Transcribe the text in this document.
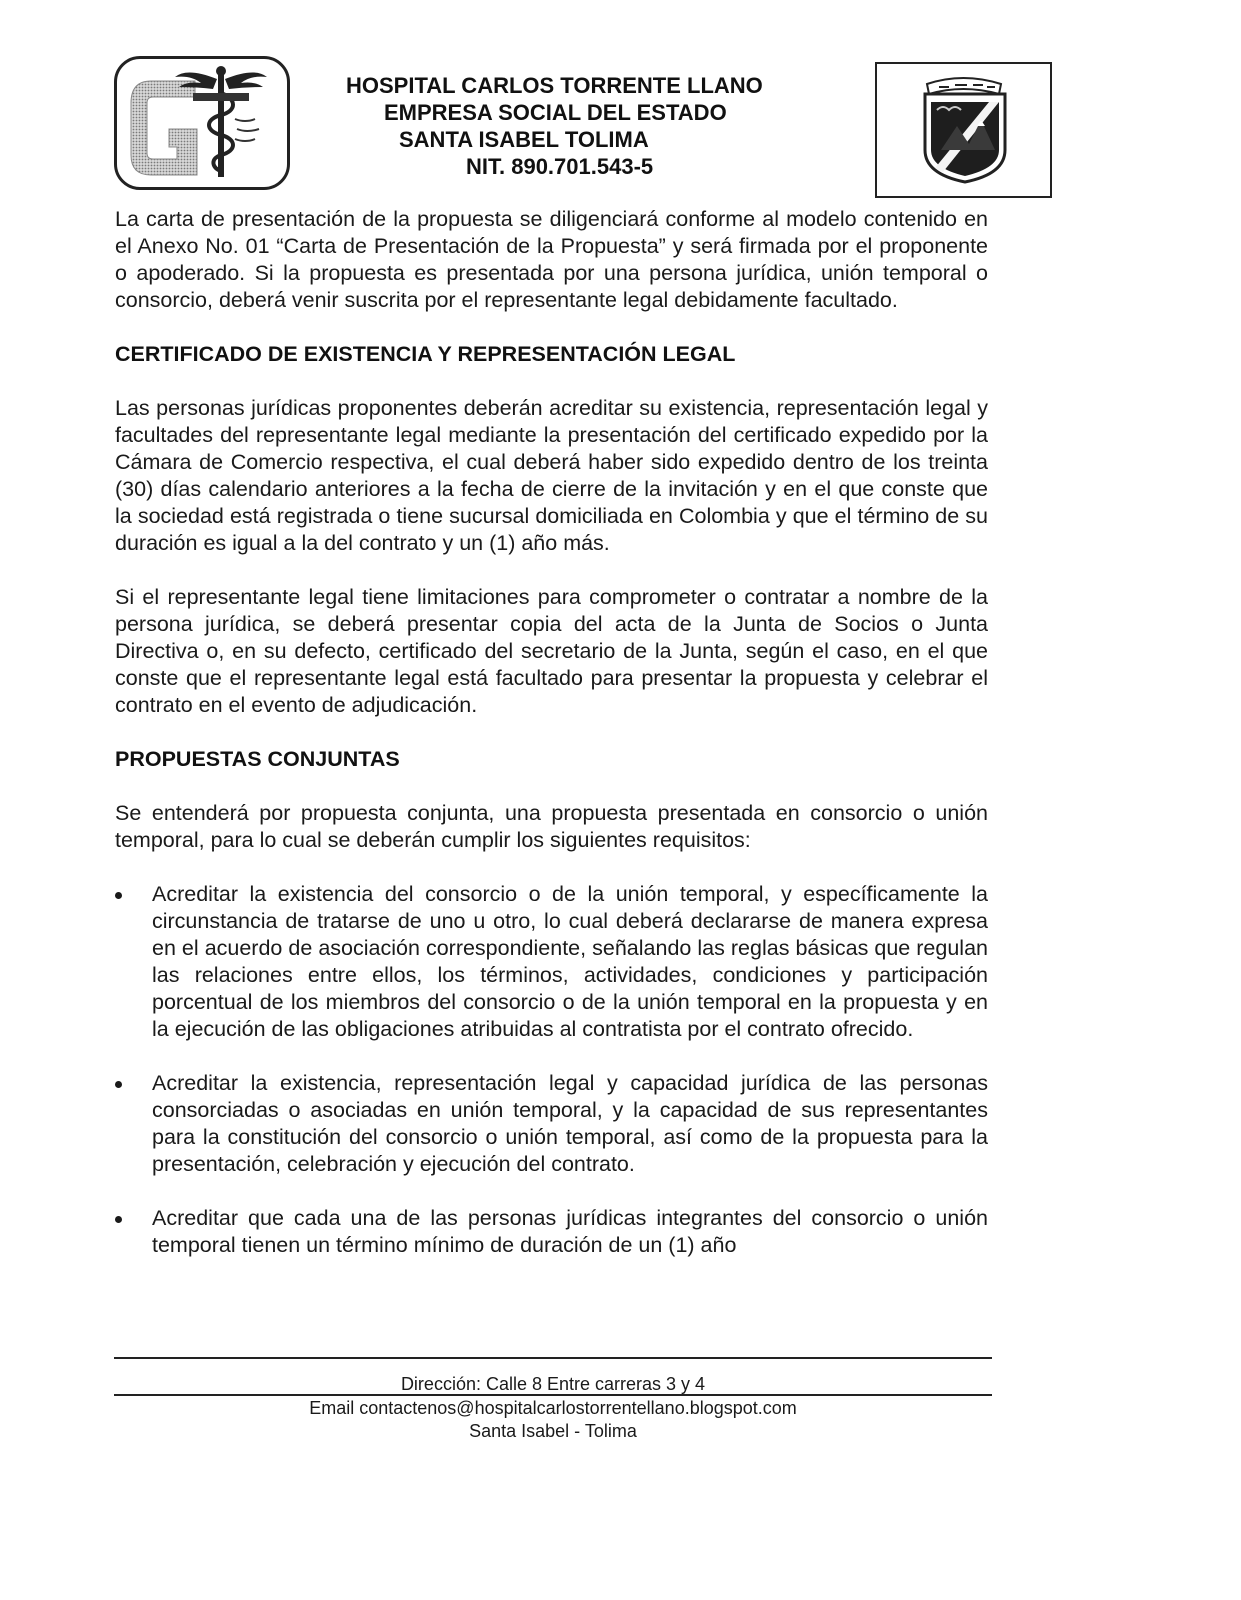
HOSPITAL CARLOS TORRENTE LLANO
EMPRESA SOCIAL DEL ESTADO
SANTA ISABEL TOLIMA
NIT. 890.701.543-5

La carta de presentación de la propuesta se diligenciará conforme al modelo contenido en el Anexo No. 01 “Carta de Presentación de la Propuesta” y será firmada por el proponente o apoderado. Si la propuesta es presentada por una persona jurídica, unión temporal o consorcio, deberá venir suscrita por el representante legal debidamente facultado.

CERTIFICADO DE EXISTENCIA Y REPRESENTACIÓN LEGAL

Las personas jurídicas proponentes deberán acreditar su existencia, representación legal y facultades del representante legal mediante la presentación del certificado expedido por la Cámara de Comercio respectiva, el cual deberá haber sido expedido dentro de los treinta (30) días calendario anteriores a la fecha de cierre de la invitación y en el que conste que la sociedad está registrada o tiene sucursal domiciliada en Colombia y que el término de su duración es igual a la del contrato y un (1) año más.

Si el representante legal tiene limitaciones para comprometer o contratar a nombre de la persona jurídica, se deberá presentar copia del acta de la Junta de Socios o Junta Directiva o, en su defecto, certificado del secretario de la Junta, según el caso, en el que conste que el representante legal está facultado para presentar la propuesta y celebrar el contrato en el evento de adjudicación.

PROPUESTAS CONJUNTAS

Se entenderá por propuesta conjunta, una propuesta presentada en consorcio o unión temporal, para lo cual se deberán cumplir los siguientes requisitos:

Acreditar la existencia del consorcio o de la unión temporal, y específicamente la circunstancia de tratarse de uno u otro, lo cual deberá declararse de manera expresa en el acuerdo de asociación correspondiente, señalando las reglas básicas que regulan las relaciones entre ellos, los términos, actividades, condiciones y participación porcentual de los miembros del consorcio o de la unión temporal en la propuesta y en la ejecución de las obligaciones atribuidas al contratista por el contrato ofrecido.
Acreditar la existencia, representación legal y capacidad jurídica de las personas consorciadas o asociadas en unión temporal, y la capacidad de sus representantes para la constitución del consorcio o unión temporal, así como de la propuesta para la presentación, celebración y ejecución del contrato.
Acreditar que cada una de las personas jurídicas integrantes del consorcio o unión temporal tienen un término mínimo de duración de un (1) año
Dirección: Calle 8 Entre carreras 3 y 4
Email contactenos@hospitalcarlostorrentellano.blogspot.com
Santa Isabel - Tolima
